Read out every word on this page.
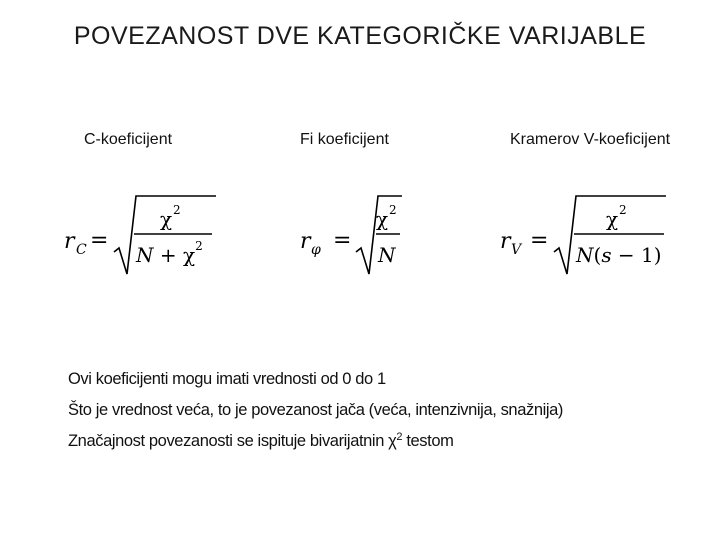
POVEZANOST DVE KATEGORIČKE VARIJABLE
C-koeficijent	Fi koeficijent	Kramerov V-koeficijent
r C =
χ 2
$N + \chi^2$	r φ =
χ 2
N
r V =
χ 2
N(s − 1)
Ovi koeficijenti mogu imati vrednosti od 0 do 1
Što je vrednost veća, to je povezanost jača (veća, intenzivnija, snažnija)
Značajnost povezanosti se ispituje bivarijatnin $\chi^2$ testom
